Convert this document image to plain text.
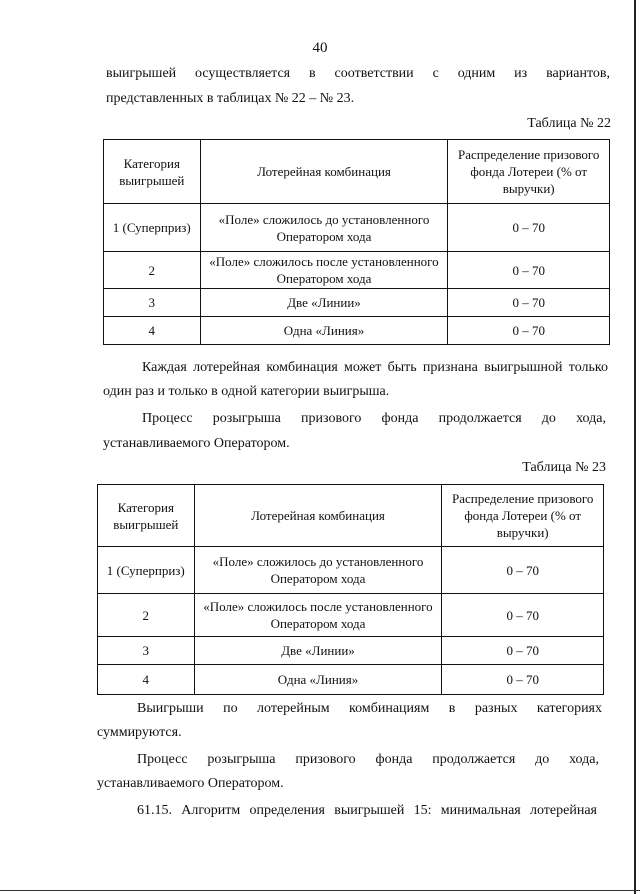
40
выигрышей осуществляется в соответствии с одним из вариантов,
представленных в таблицах № 22 – № 23.
Таблица № 22
Категория выигрышей	Лотерейная комбинация	Распределение призового фонда Лотереи (% от выручки)
1 (Суперприз)	«Поле» сложилось до установленного Оператором хода	0 – 70
2	«Поле» сложилось после установленного Оператором хода	0 – 70
3	Две «Линии»	0 – 70
4	Одна «Линия»	0 – 70
Каждая лотерейная комбинация может быть признана выигрышной только
один раз и только в одной категории выигрыша.
Процесс розыгрыша призового фонда продолжается до хода,
устанавливаемого Оператором.
Таблица № 23
Категория выигрышей	Лотерейная комбинация	Распределение призового фонда Лотереи (% от выручки)
1 (Суперприз)	«Поле» сложилось до установленного Оператором хода	0 – 70
2	«Поле» сложилось после установленного Оператором хода	0 – 70
3	Две «Линии»	0 – 70
4	Одна «Линия»	0 – 70
Выигрыши по лотерейным комбинациям в разных категориях
суммируются.
Процесс розыгрыша призового фонда продолжается до хода,
устанавливаемого Оператором.
61.15. Алгоритм определения выигрышей 15: минимальная лотерейная
